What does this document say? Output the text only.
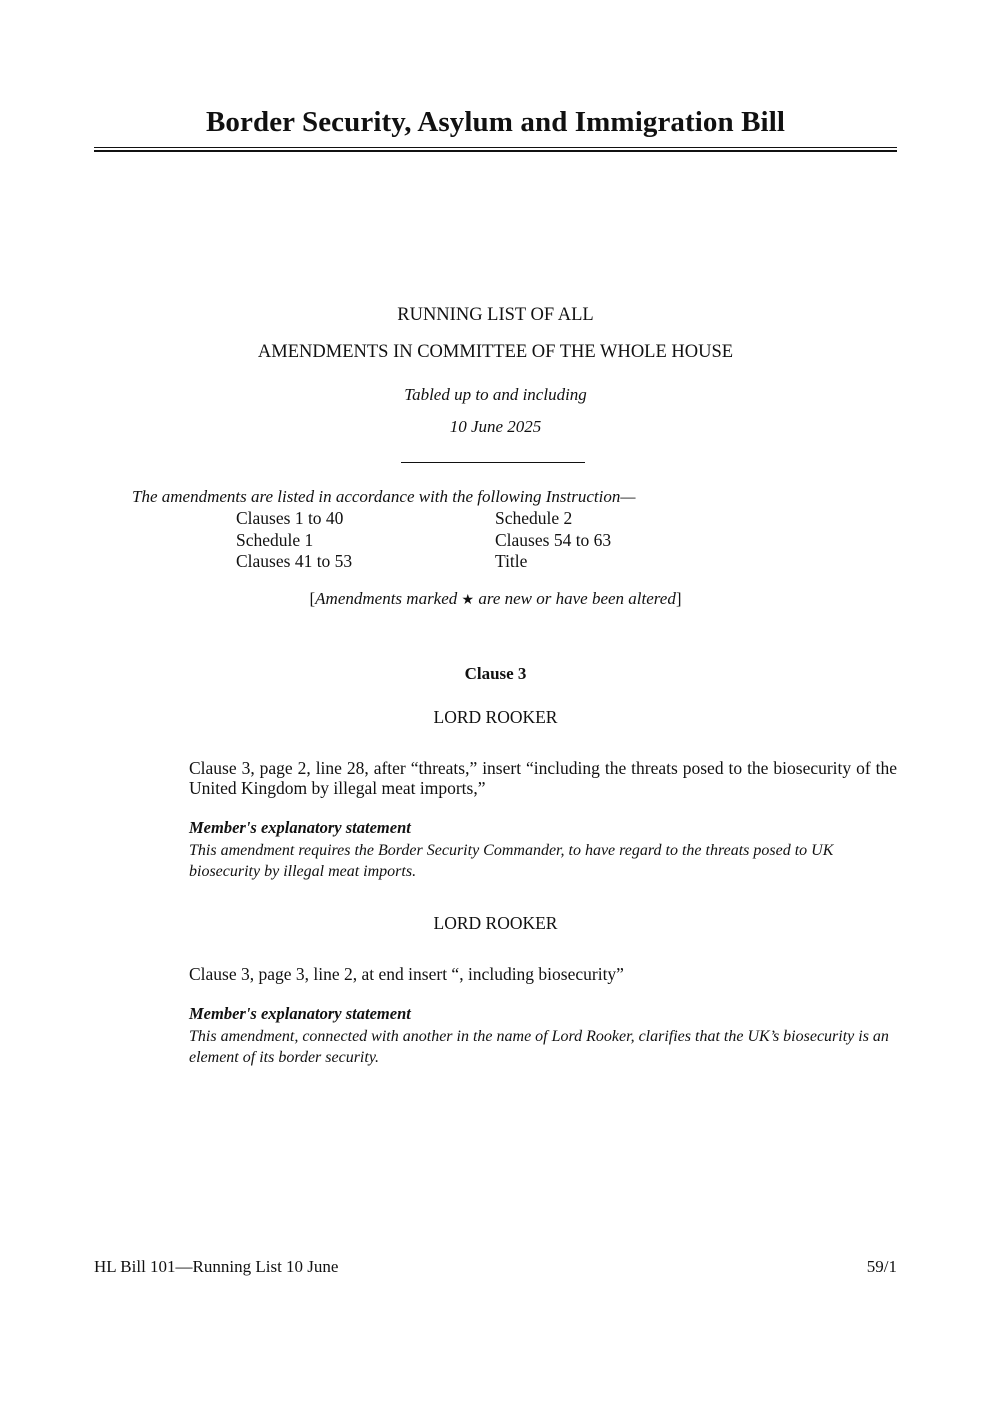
Border Security, Asylum and Immigration Bill
RUNNING LIST OF ALL
AMENDMENTS IN COMMITTEE OF THE WHOLE HOUSE
Tabled up to and including
10 June 2025
The amendments are listed in accordance with the following Instruction—
Clauses 1 to 40
Schedule 1
Clauses 41 to 53
Schedule 2
Clauses 54 to 63
Title
[Amendments marked ★ are new or have been altered]
Clause 3
LORD ROOKER
Clause 3, page 2, line 28, after “threats,” insert “including the threats posed to the biosecurity of the United Kingdom by illegal meat imports,”
Member's explanatory statement
This amendment requires the Border Security Commander, to have regard to the threats posed to UK biosecurity by illegal meat imports.
LORD ROOKER
Clause 3, page 3, line 2, at end insert “, including biosecurity”
Member's explanatory statement
This amendment, connected with another in the name of Lord Rooker, clarifies that the UK’s biosecurity is an element of its border security.
HL Bill 101—Running List 10 June	59/1
